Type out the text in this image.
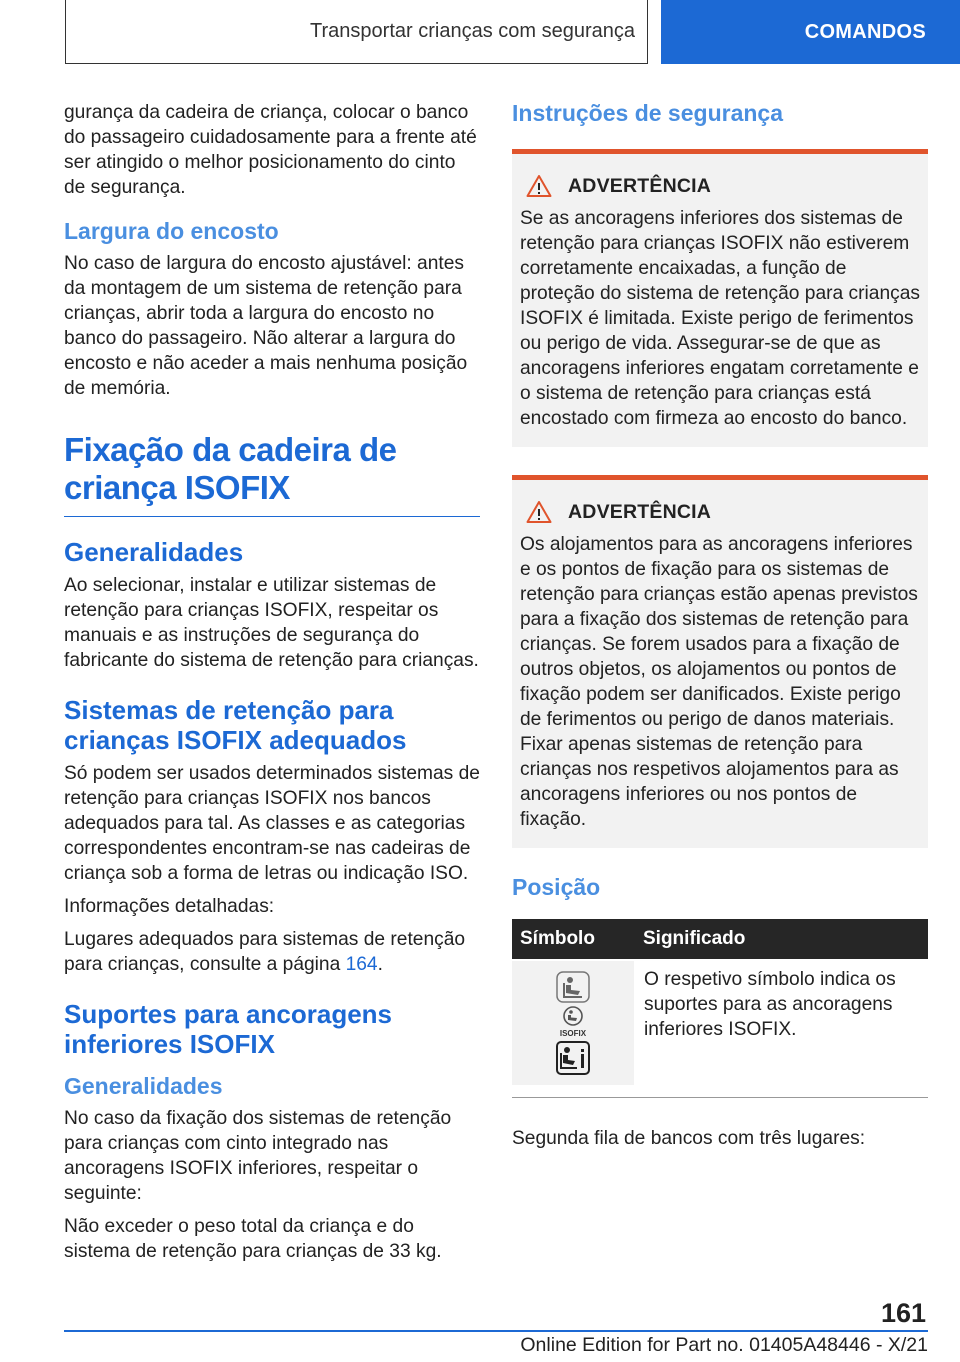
Transportar crianças com segurança	COMANDOS

gurança da cadeira de criança, colocar o banco do passageiro cuidadosamente para a frente até ser atingido o melhor posicionamento do cinto de segurança.

Largura do encosto

No caso de largura do encosto ajustável: antes da montagem de um sistema de retenção para crianças, abrir toda a largura do encosto no banco do passageiro. Não alterar a largura do encosto e não aceder a mais nenhuma posição de memória.

Fixação da cadeira de criança ISOFIX
Generalidades

Ao selecionar, instalar e utilizar sistemas de retenção para crianças ISOFIX, respeitar os manuais e as instruções de segurança do fabricante do sistema de retenção para crianças.

Sistemas de retenção para crianças ISOFIX adequados

Só podem ser usados determinados sistemas de retenção para crianças ISOFIX nos bancos adequados para tal. As classes e as categorias correspondentes encontram-se nas cadeiras de criança sob a forma de letras ou indicação ISO.

Informações detalhadas:

Lugares adequados para sistemas de retenção para crianças, consulte a página 164.

Suportes para ancoragens inferiores ISOFIX
Generalidades

No caso da fixação dos sistemas de retenção para crianças com cinto integrado nas ancoragens ISOFIX inferiores, respeitar o seguinte:

Não exceder o peso total da criança e do sistema de retenção para crianças de 33 kg.

Instruções de segurança
ADVERTÊNCIA

Se as ancoragens inferiores dos sistemas de retenção para crianças ISOFIX não estiverem corretamente encaixadas, a função de proteção do sistema de retenção para crianças ISOFIX é limitada. Existe perigo de ferimentos ou perigo de vida. Assegurar-se de que as ancoragens inferiores engatam corretamente e o sistema de retenção para crianças está encostado com firmeza ao encosto do banco.

ADVERTÊNCIA

Os alojamentos para as ancoragens inferiores e os pontos de fixação para os sistemas de retenção para crianças estão apenas previstos para a fixação dos sistemas de retenção para crianças. Se forem usados para a fixação de outros objetos, os alojamentos ou pontos de fixação podem ser danificados. Existe perigo de ferimentos ou perigo de danos materiais. Fixar apenas sistemas de retenção para crianças nos respetivos alojamentos para as ancoragens inferiores ou nos pontos de fixação.

Posição
Símbolo	Significado

ISOFIX	O respetivo símbolo indica os suportes para as ancoragens inferiores ISOFIX.
Segunda fila de bancos com três lugares:
161
Online Edition for Part no. 01405A48446 - X/21
